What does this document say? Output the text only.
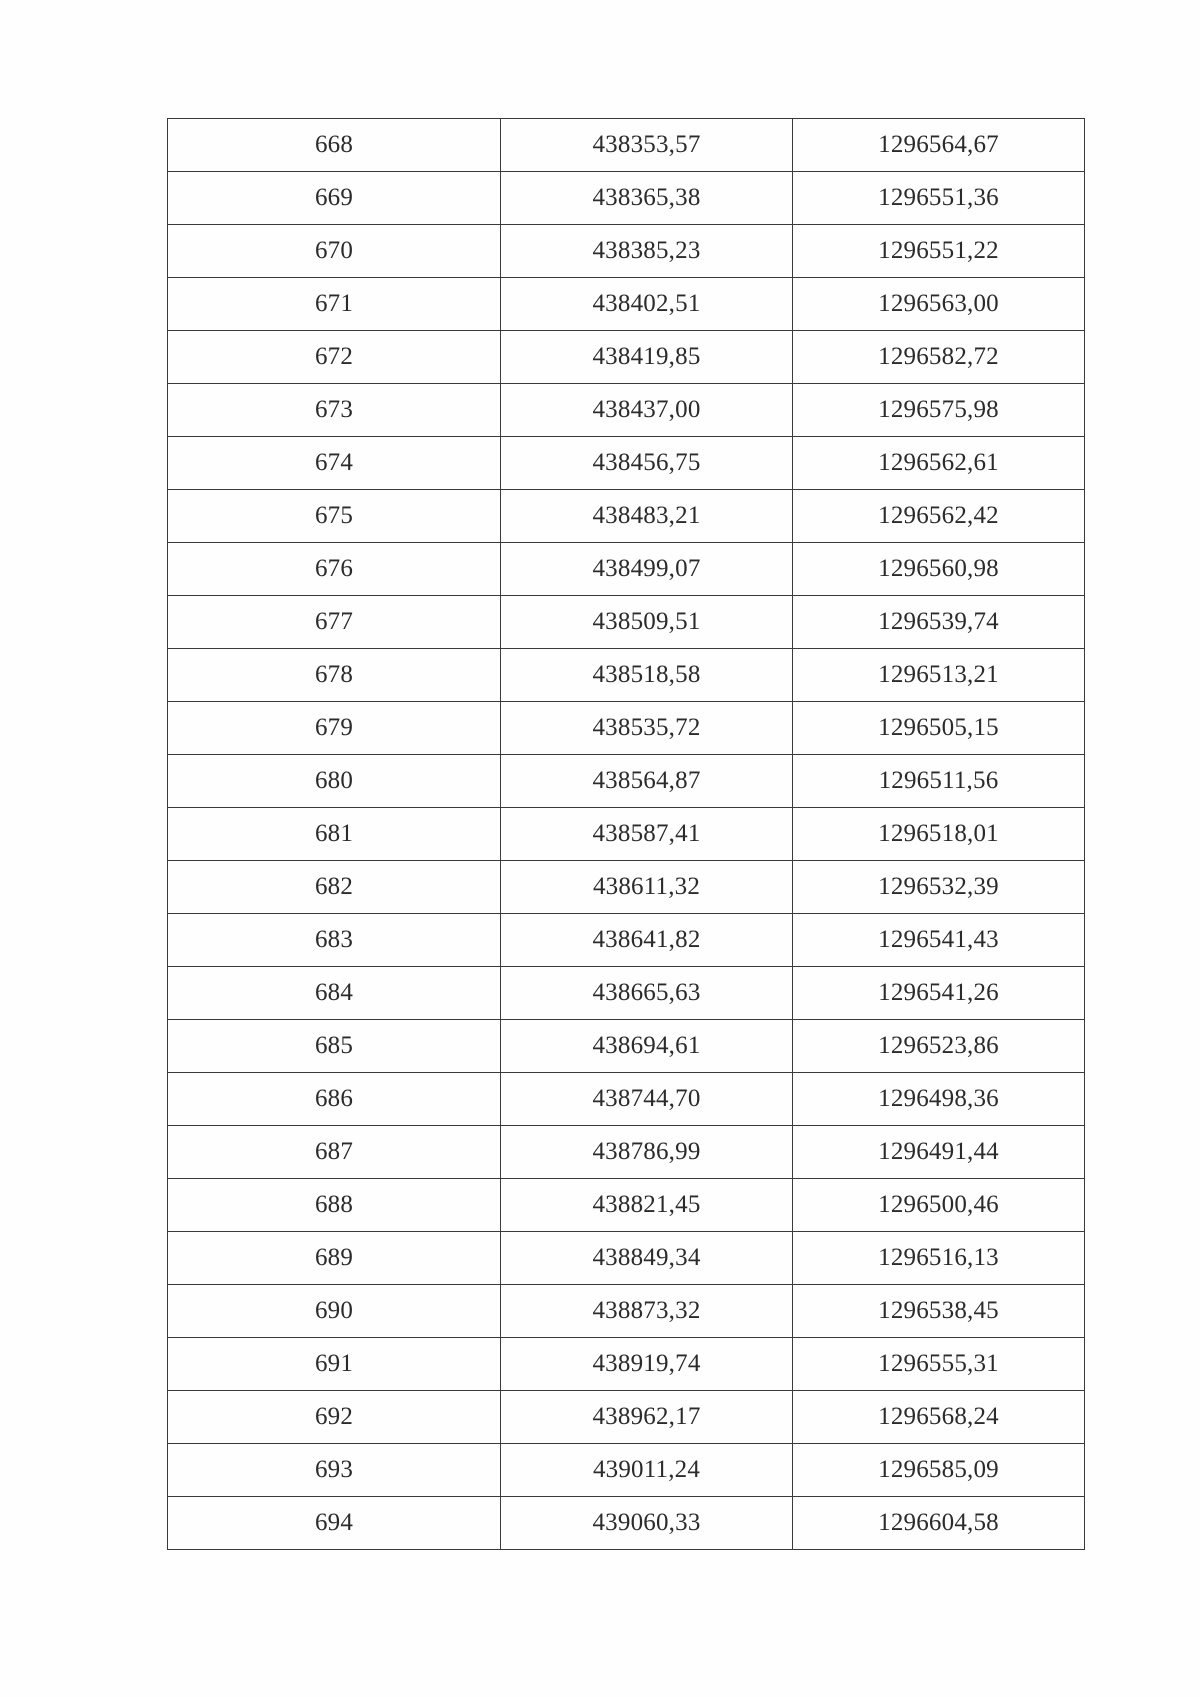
668	438353,57	1296564,67
669	438365,38	1296551,36
670	438385,23	1296551,22
671	438402,51	1296563,00
672	438419,85	1296582,72
673	438437,00	1296575,98
674	438456,75	1296562,61
675	438483,21	1296562,42
676	438499,07	1296560,98
677	438509,51	1296539,74
678	438518,58	1296513,21
679	438535,72	1296505,15
680	438564,87	1296511,56
681	438587,41	1296518,01
682	438611,32	1296532,39
683	438641,82	1296541,43
684	438665,63	1296541,26
685	438694,61	1296523,86
686	438744,70	1296498,36
687	438786,99	1296491,44
688	438821,45	1296500,46
689	438849,34	1296516,13
690	438873,32	1296538,45
691	438919,74	1296555,31
692	438962,17	1296568,24
693	439011,24	1296585,09
694	439060,33	1296604,58
